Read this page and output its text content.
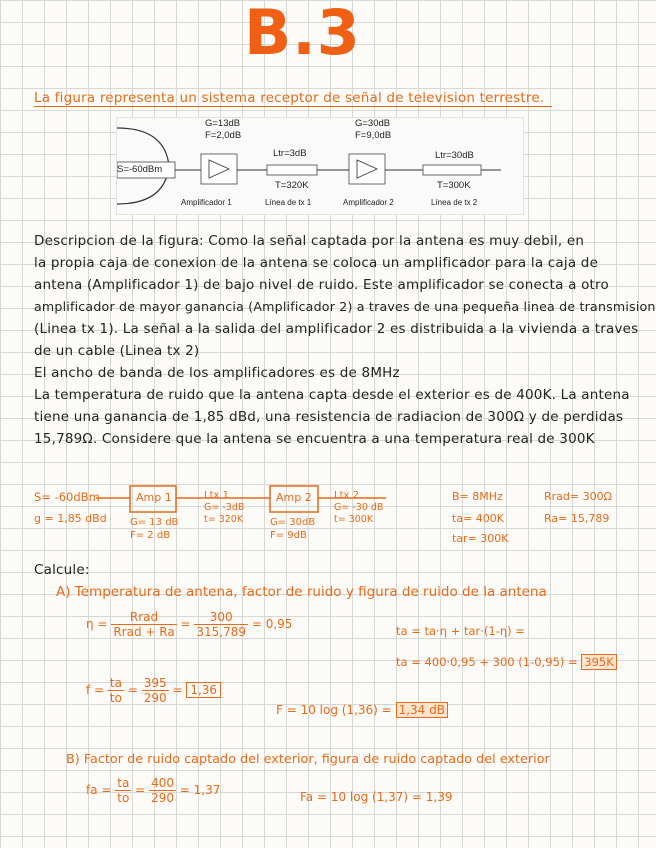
B.3
La figura representa un sistema receptor de señal de television terrestre.
S=-60dBm
G=13dB
F=2,0dB
Amplificador 1
Ltr=3dB
T=320K
Línea de tx 1
G=30dB
F=9,0dB
Amplificador 2
Ltr=30dB
T=300K
Línea de tx 2
Descripcion de la figura: Como la señal captada por la antena es muy debil, en
la propia caja de conexion de la antena se coloca un amplificador para la caja de
antena (Amplificador 1) de bajo nivel de ruido. Este amplificador se conecta a otro
amplificador de mayor ganancia (Amplificador 2) a traves de una pequeña linea de transmision
(Linea tx 1). La señal a la salida del amplificador 2 es distribuida a la vivienda a traves
de un cable (Linea tx 2)
El ancho de banda de los amplificadores es de 8MHz
La temperatura de ruido que la antena capta desde el exterior es de 400K. La antena
tiene una ganancia de 1,85 dBd, una resistencia de radiacion de 300Ω y de perdidas
15,789Ω. Considere que la antena se encuentra a una temperatura real de 300K
S= -60dBm
g = 1,85 dBd
Amp 1
G= 13 dB
F= 2 dB
Ltx 1
G= -3dB
t= 320K
Amp 2
G= 30dB
F= 9dB
Ltx 2
G= -30 dB
t= 300K
B= 8MHz
ta= 400K
tar= 300K
Rrad= 300Ω
Ra= 15,789
Calcule:
A) Temperatura de antena, factor de ruido y figura de ruido de la antena
$\eta = \frac{\text{Rrad}}{\text{Rrad + Ra}} = \frac{300}{315,789} = 0,95$	ta = ta·η + tar·(1-η) =
ta = 400·0,95 + 300 (1-0,95) = 395K
$f = \frac{ta}{to} = \frac{395}{290} = 1,36$
F = 10 log (1,36) = 1,34 dB
B) Factor de ruido captado del exterior, figura de ruido captado del exterior
fa = $\frac{ta}{to} = \frac{400}{290} = 1,37$	Fa = 10 log (1,37) = 1,39
